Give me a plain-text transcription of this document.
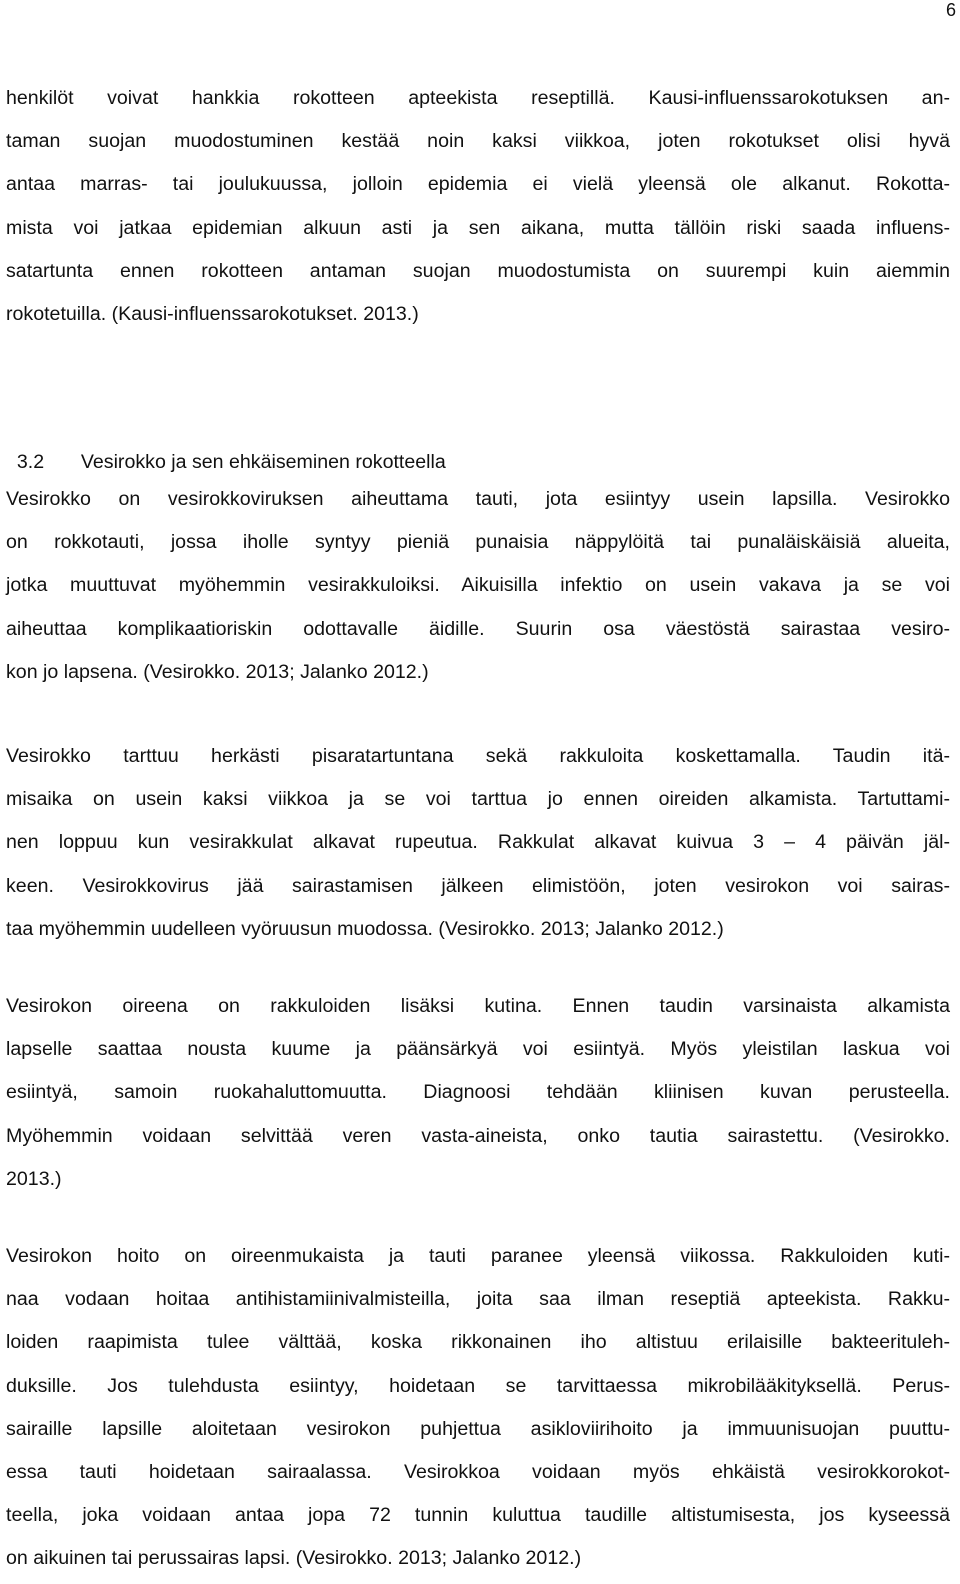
6

henkilöt voivat hankkia rokotteen apteekista reseptillä. Kausi-influenssarokotuksen an-
taman suojan muodostuminen kestää noin kaksi viikkoa, joten rokotukset olisi hyvä
antaa marras- tai joulukuussa, jolloin epidemia ei vielä yleensä ole alkanut. Rokotta-
mista voi jatkaa epidemian alkuun asti ja sen aikana, mutta tällöin riski saada influens-
satartunta ennen rokotteen antaman suojan muodostumista on suurempi kuin aiemmin
rokotetuilla. (Kausi-influenssarokotukset. 2013.)

3.2 Vesirokko ja sen ehkäiseminen rokotteella

Vesirokko on vesirokkoviruksen aiheuttama tauti, jota esiintyy usein lapsilla. Vesirokko
on rokkotauti, jossa iholle syntyy pieniä punaisia näppylöitä tai punaläiskäisiä alueita,
jotka muuttuvat myöhemmin vesirakkuloiksi. Aikuisilla infektio on usein vakava ja se voi
aiheuttaa komplikaatioriskin odottavalle äidille. Suurin osa väestöstä sairastaa vesiro-
kon jo lapsena. (Vesirokko. 2013; Jalanko 2012.)

Vesirokko tarttuu herkästi pisaratartuntana sekä rakkuloita koskettamalla. Taudin itä-
misaika on usein kaksi viikkoa ja se voi tarttua jo ennen oireiden alkamista. Tartuttami-
nen loppuu kun vesirakkulat alkavat rupeutua. Rakkulat alkavat kuivua 3 – 4 päivän jäl-
keen. Vesirokkovirus jää sairastamisen jälkeen elimistöön, joten vesirokon voi sairas-
taa myöhemmin uudelleen vyöruusun muodossa. (Vesirokko. 2013; Jalanko 2012.)

Vesirokon oireena on rakkuloiden lisäksi kutina. Ennen taudin varsinaista alkamista
lapselle saattaa nousta kuume ja päänsärkyä voi esiintyä. Myös yleistilan laskua voi
esiintyä, samoin ruokahaluttomuutta. Diagnoosi tehdään kliinisen kuvan perusteella.
Myöhemmin voidaan selvittää veren vasta-aineista, onko tautia sairastettu. (Vesirokko.
2013.)

Vesirokon hoito on oireenmukaista ja tauti paranee yleensä viikossa. Rakkuloiden kuti-
naa vodaan hoitaa antihistamiinivalmisteilla, joita saa ilman reseptiä apteekista. Rakku-
loiden raapimista tulee välttää, koska rikkonainen iho altistuu erilaisille bakteerituleh-
duksille. Jos tulehdusta esiintyy, hoidetaan se tarvittaessa mikrobilääkityksellä. Perus-
sairaille lapsille aloitetaan vesirokon puhjettua asikloviirihoito ja immuunisuojan puuttu-
essa tauti hoidetaan sairaalassa. Vesirokkoa voidaan myös ehkäistä vesirokkorokot-
teella, joka voidaan antaa jopa 72 tunnin kuluttua taudille altistumisesta, jos kyseessä
on aikuinen tai perussairas lapsi. (Vesirokko. 2013; Jalanko 2012.)
